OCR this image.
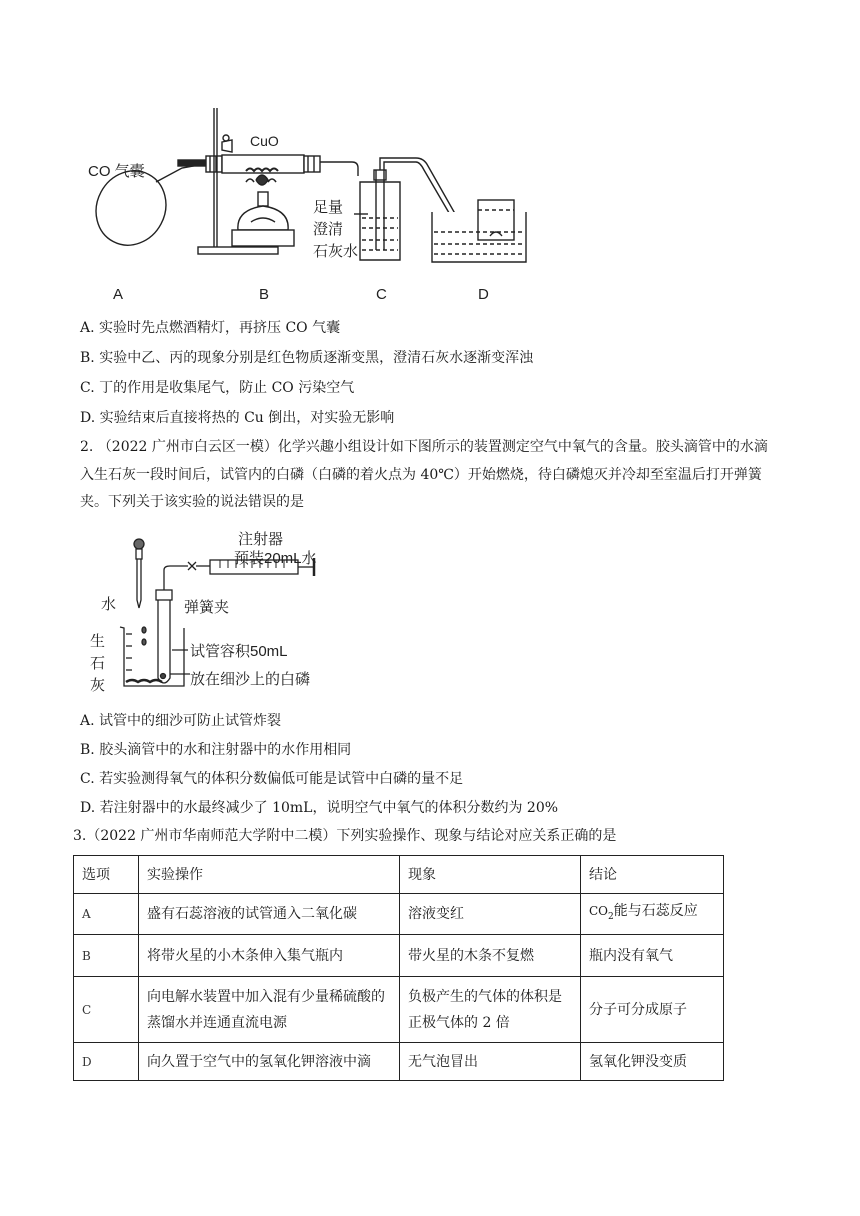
CO 气囊
CuO
足量
澄清
石灰水
A	B	C	D
A. 实验时先点燃酒精灯，再挤压 CO 气囊
B. 实验中乙、丙的现象分别是红色物质逐渐变黑，澄清石灰水逐渐变浑浊
C. 丁的作用是收集尾气，防止 CO 污染空气
D. 实验结束后直接将热的 Cu 倒出，对实验无影响
2. （2022 广州市白云区一模）化学兴趣小组设计如下图所示的装置测定空气中氧气的含量。胶头滴管中的水滴入生石灰一段时间后，试管内的白磷（白磷的着火点为 40℃）开始燃烧，待白磷熄灭并冷却至室温后打开弹簧夹。下列关于该实验的说法错误的是
注射器
预装20mL水
水	弹簧夹
生
石
灰
试管容积50mL
放在细沙上的白磷
A. 试管中的细沙可防止试管炸裂
B. 胶头滴管中的水和注射器中的水作用相同
C. 若实验测得氧气的体积分数偏低可能是试管中白磷的量不足
D. 若注射器中的水最终减少了 10mL，说明空气中氧气的体积分数约为 20%
3.（2022 广州市华南师范大学附中二模）下列实验操作、现象与结论对应关系正确的是
选项	实验操作	现象	结论
A	盛有石蕊溶液的试管通入二氧化碳	溶液变红	$CO_2$能与石蕊反应
B	将带火星的小木条伸入集气瓶内	带火星的木条不复燃	瓶内没有氧气
C	向电解水装置中加入混有少量稀硫酸的蒸馏水并连通直流电源	负极产生的气体的体积是正极气体的 2 倍	分子可分成原子
D	向久置于空气中的氢氧化钾溶液中滴	无气泡冒出	氢氧化钾没变质
